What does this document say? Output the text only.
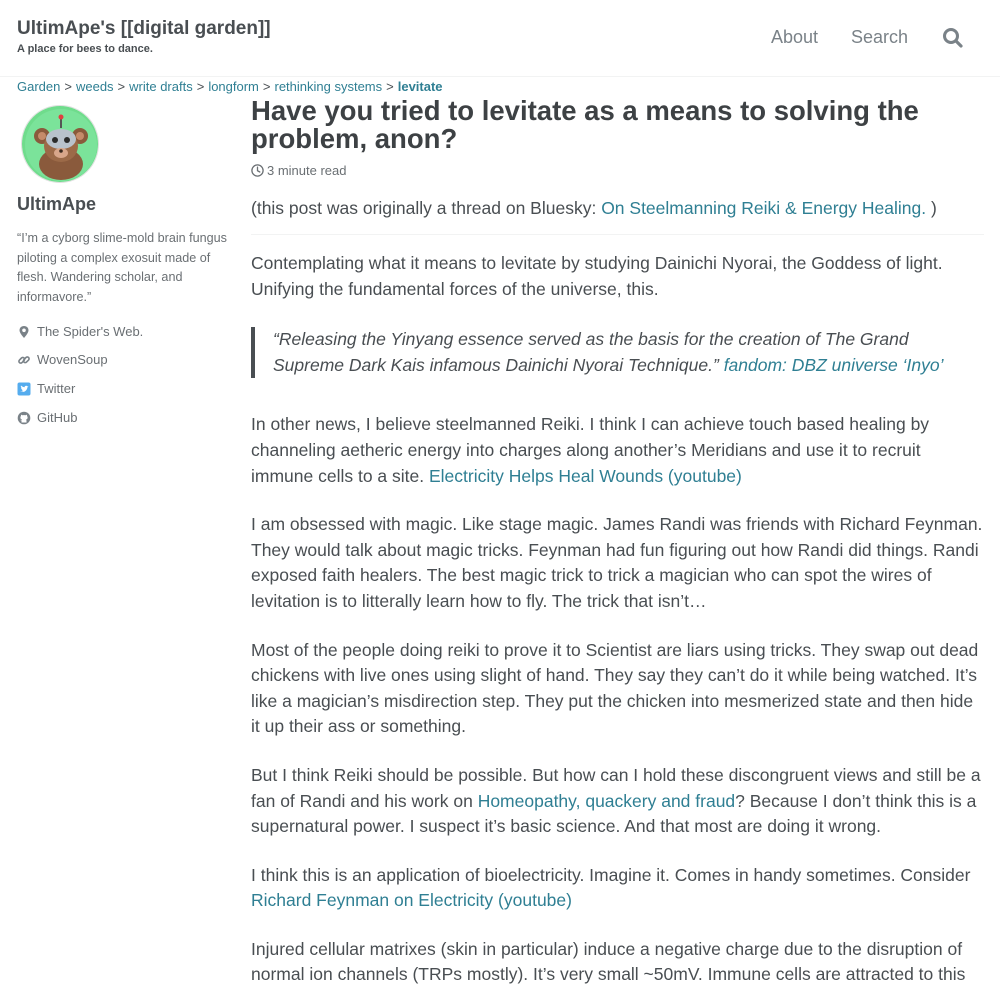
UltimApe's [[digital garden]]
A place for bees to dance.
About Search
Garden > weeds > write drafts > longform > rethinking systems > levitate
UltimApe
“I’m a cyborg slime-mold brain fungus piloting a complex exosuit made of flesh. Wandering scholar, and informavore.”
The Spider's Web.
WovenSoup
Twitter
GitHub
Have you tried to levitate as a means to solving the problem, anon?
3 minute read

(this post was originally a thread on Bluesky: On Steelmanning Reiki & Energy Healing. )

Contemplating what it means to levitate by studying Dainichi Nyorai, the Goddess of light. Unifying the fundamental forces of the universe, this.

“Releasing the Yinyang essence served as the basis for the creation of The Grand Supreme Dark Kais infamous Dainichi Nyorai Technique.” fandom: DBZ universe ‘Inyo’

In other news, I believe steelmanned Reiki. I think I can achieve touch based healing by channeling aetheric energy into charges along another’s Meridians and use it to recruit immune cells to a site. Electricity Helps Heal Wounds (youtube)

I am obsessed with magic. Like stage magic. James Randi was friends with Richard Feynman. They would talk about magic tricks. Feynman had fun figuring out how Randi did things. Randi exposed faith healers. The best magic trick to trick a magician who can spot the wires of levitation is to litterally learn how to fly. The trick that isn’t…

Most of the people doing reiki to prove it to Scientist are liars using tricks. They swap out dead chickens with live ones using slight of hand. They say they can’t do it while being watched. It’s like a magician’s misdirection step. They put the chicken into mesmerized state and then hide it up their ass or something.

But I think Reiki should be possible. But how can I hold these discongruent views and still be a fan of Randi and his work on Homeopathy, quackery and fraud? Because I don’t think this is a supernatural power. I suspect it’s basic science. And that most are doing it wrong.

I think this is an application of bioelectricity. Imagine it. Comes in handy sometimes. Consider Richard Feynman on Electricity (youtube)

Injured cellular matrixes (skin in particular) induce a negative charge due to the disruption of normal ion channels (TRPs mostly). It’s very small ~50mV. Immune cells are attracted to this
